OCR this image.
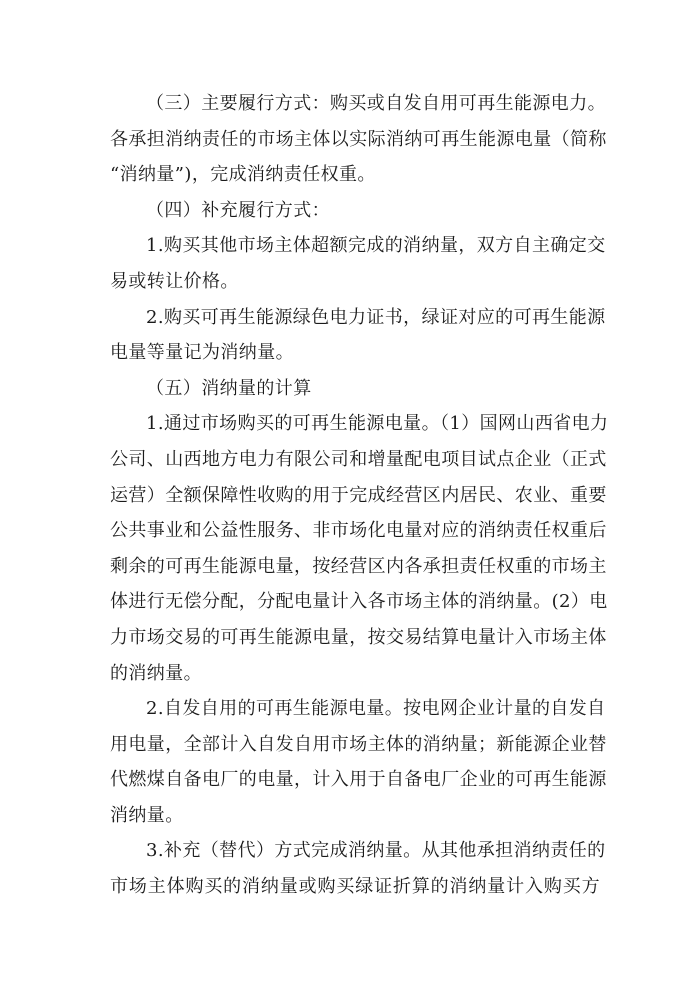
（三）主要履行方式：购买或自发自用可再生能源电力。
各承担消纳责任的市场主体以实际消纳可再生能源电量（简称
“消纳量”)，完成消纳责任权重。
（四）补充履行方式：
1.购买其他市场主体超额完成的消纳量，双方自主确定交
易或转让价格。
2.购买可再生能源绿色电力证书，绿证对应的可再生能源
电量等量记为消纳量。
（五）消纳量的计算
1.通过市场购买的可再生能源电量。（1）国网山西省电力
公司、山西地方电力有限公司和增量配电项目试点企业（正式
运营）全额保障性收购的用于完成经营区内居民、农业、重要
公共事业和公益性服务、非市场化电量对应的消纳责任权重后
剩余的可再生能源电量，按经营区内各承担责任权重的市场主
体进行无偿分配，分配电量计入各市场主体的消纳量。(2）电
力市场交易的可再生能源电量，按交易结算电量计入市场主体
的消纳量。
2.自发自用的可再生能源电量。按电网企业计量的自发自
用电量，全部计入自发自用市场主体的消纳量；新能源企业替
代燃煤自备电厂的电量，计入用于自备电厂企业的可再生能源
消纳量。
3.补充（替代）方式完成消纳量。从其他承担消纳责任的
市场主体购买的消纳量或购买绿证折算的消纳量计入购买方
